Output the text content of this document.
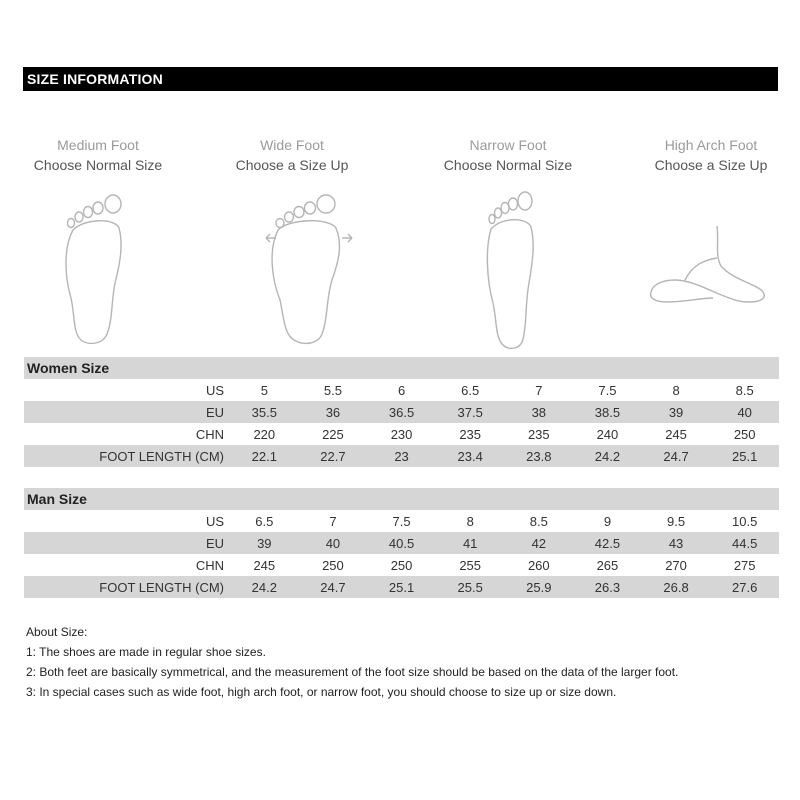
SIZE INFORMATION
Medium Foot
Choose Normal Size
Wide Foot
Choose a Size Up
Narrow Foot
Choose Normal Size
High Arch Foot
Choose a Size Up
Women Size
US	5	5.5	6	6.5	7	7.5	8	8.5
EU	35.5	36	36.5	37.5	38	38.5	39	40
CHN	220	225	230	235	235	240	245	250
FOOT LENGTH (CM)	22.1	22.7	23	23.4	23.8	24.2	24.7	25.1
Man Size
US	6.5	7	7.5	8	8.5	9	9.5	10.5
EU	39	40	40.5	41	42	42.5	43	44.5
CHN	245	250	250	255	260	265	270	275
FOOT LENGTH (CM)	24.2	24.7	25.1	25.5	25.9	26.3	26.8	27.6
About Size:
1: The shoes are made in regular shoe sizes.
2: Both feet are basically symmetrical, and the measurement of the foot size should be based on the data of the larger foot.
3: In special cases such as wide foot, high arch foot, or narrow foot, you should choose to size up or size down.
